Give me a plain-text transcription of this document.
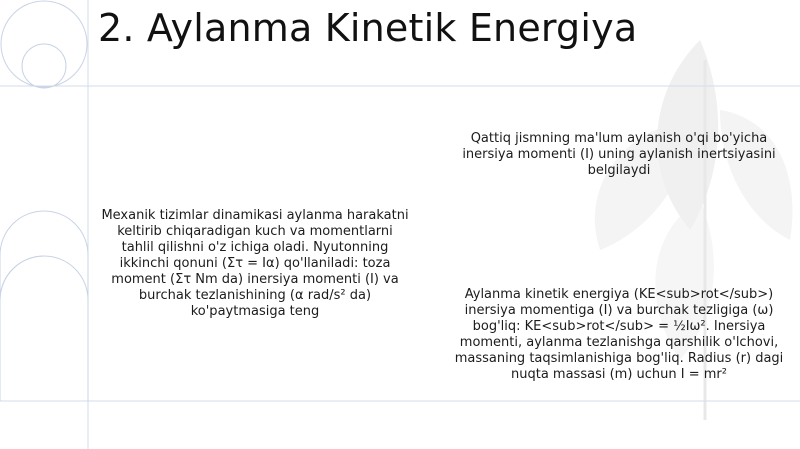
2. Aylanma Kinetik Energiya
Mexanik tizimlar dinamikasi aylanma harakatni keltirib chiqaradigan kuch va momentlarni tahlil qilishni o'z ichiga oladi. Nyutonning ikkinchi qonuni (Στ = Iα) qo'llaniladi: toza moment (Στ Nm da) inersiya momenti (I) va burchak tezlanishining (α rad/s² da) ko'paytmasiga teng
Qattiq jismning ma'lum aylanish o'qi bo'yicha inersiya momenti (I) uning aylanish inertsiyasini belgilaydi
Aylanma kinetik energiya (KE<sub>rot</sub>) inersiya momentiga (I) va burchak tezligiga (ω) bog'liq: KE<sub>rot</sub> = ½Iω². Inersiya momenti, aylanma tezlanishga qarshilik o'lchovi, massaning taqsimlanishiga bog'liq. Radius (r) dagi nuqta massasi (m) uchun I = mr²
